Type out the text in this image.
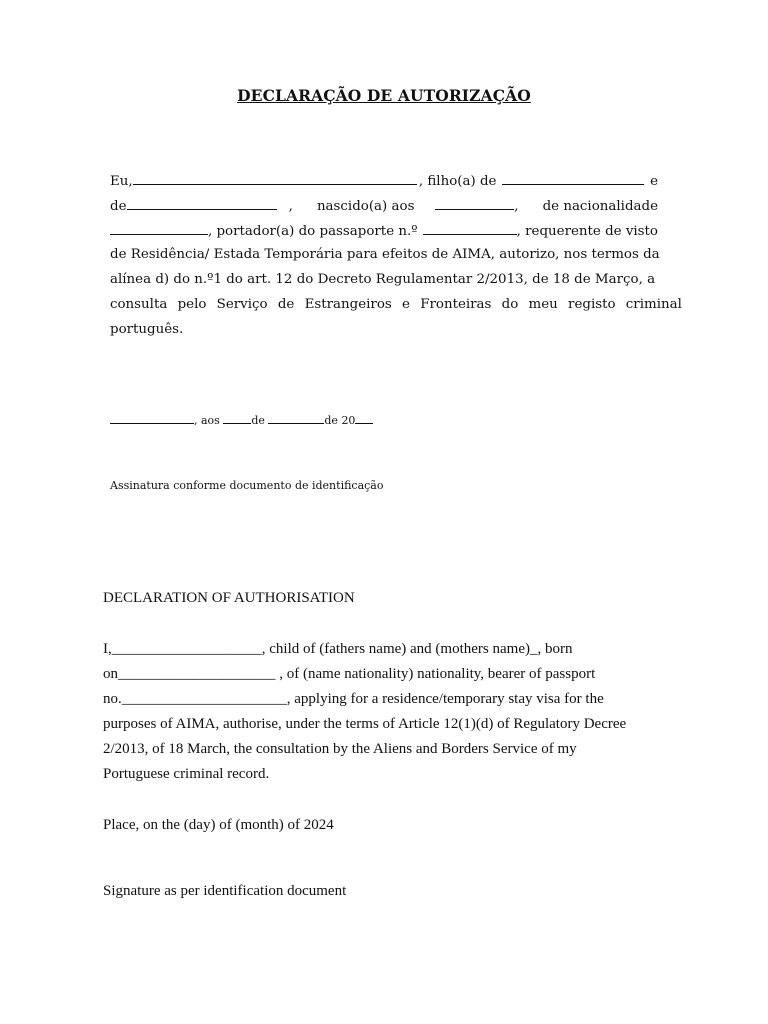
DECLARAÇÃO DE AUTORIZAÇÃO
Eu,	, filho(a) de	e
de	, nascido(a) aos	, de nacionalidade
, portador(a) do passaporte n.º	, requerente de visto
de Residência/ Estada Temporária para efeitos de AIMA, autorizo, nos termos da
alínea d) do n.º1 do art. 12 do Decreto Regulamentar 2/2013, de 18 de Março, a
consulta pelo Serviço de Estrangeiros e Fronteiras do meu registo criminal
português.
, aos	de	de 20
Assinatura conforme documento de identificação
DECLARATION OF AUTHORISATION
I,____________________, child of (fathers name) and (mothers name)_, born
on_____________________ , of (name nationality) nationality, bearer of passport
no.______________________, applying for a residence/temporary stay visa for the
purposes of AIMA, authorise, under the terms of Article 12(1)(d) of Regulatory Decree
2/2013, of 18 March, the consultation by the Aliens and Borders Service of my
Portuguese criminal record.
Place, on the (day) of (month) of 2024
Signature as per identification document
